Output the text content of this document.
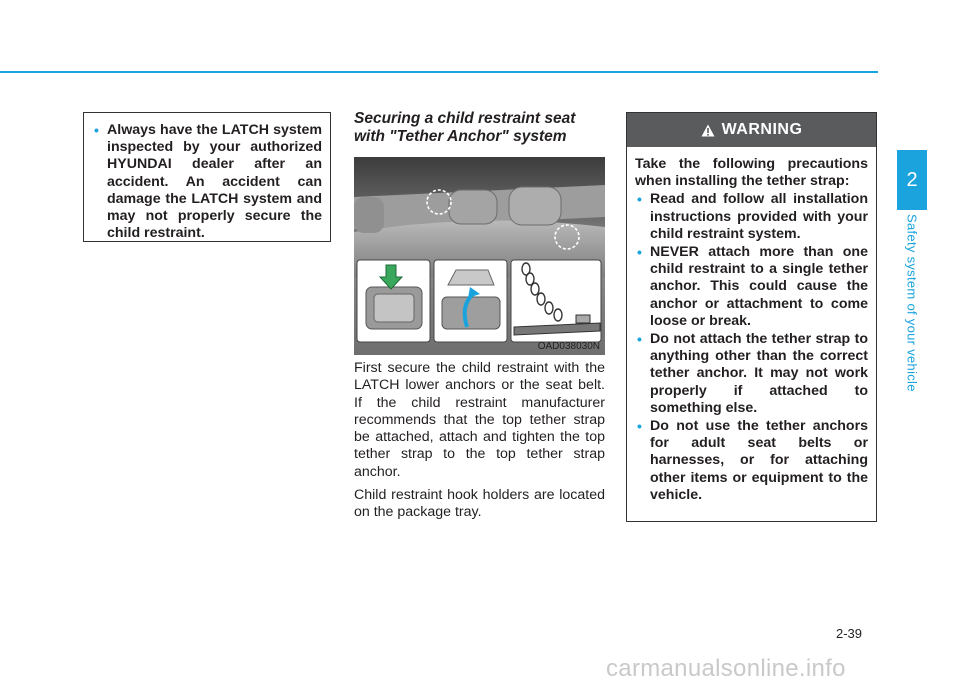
• Always have the LATCH system inspected by your authorized HYUNDAI dealer after an accident. An accident can damage the LATCH system and may not properly secure the child restraint.
Securing a child restraint seat with "Tether Anchor" system
OAD038030N

First secure the child restraint with the LATCH lower anchors or the seat belt. If the child restraint manufacturer recommends that the top tether strap be attached, attach and tighten the top tether strap to the top tether strap anchor.

Child restraint hook holders are located on the package tray.

WARNING

Take the following precautions when installing the tether strap:

• Read and follow all installation instructions provided with your child restraint system.
• NEVER attach more than one child restraint to a single tether anchor. This could cause the anchor or attachment to come loose or break.
• Do not attach the tether strap to anything other than the correct tether anchor. It may not work properly if attached to something else.
• Do not use the tether anchors for adult seat belts or harnesses, or for attaching other items or equipment to the vehicle.
2
Safety system of your vehicle
2-39
carmanualsonline.info
